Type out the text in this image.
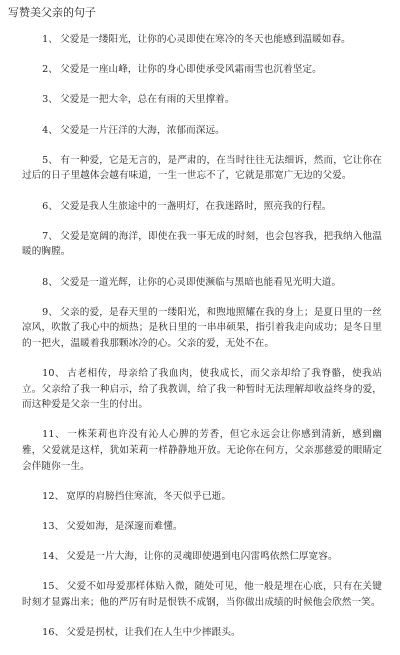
写赞美父亲的句子

1、 父爱是一缕阳光，让你的心灵即使在寒冷的冬天也能感到温暖如春。

2、 父爱是一座山峰，让你的身心即使承受风霜雨雪也沉着坚定。

3、 父爱是一把大伞，总在有雨的天里撑着。

4、 父爱是一片汪洋的大海，浓郁而深远。

5、 有一种爱，它是无言的，是严肃的，在当时往往无法细诉，然而，它让你在过后的日子里越体会越有味道，一生一世忘不了，它就是那宽广无边的父爱。

6、 父爱是我人生旅途中的一盏明灯，在我迷路时，照亮我的行程。

7、 父爱是宽阔的海洋，即使在我一事无成的时刻，也会包容我，把我纳入他温暖的胸膛。

8、 父爱是一道光辉，让你的心灵即使濒临与黑暗也能看见光明大道。

9、 父亲的爱，是春天里的一缕阳光，和煦地照耀在我的身上；是夏日里的一丝凉风，吹散了我心中的烦热；是秋日里的一串串硕果，指引着我走向成功；是冬日里的一把火，温暖着我那颗冰冷的心。父亲的爱，无处不在。

10、 古老相传，母亲给了我血肉，使我成长，而父亲却给了我脊骼，使我站立。父亲给了我一种启示，给了我教训，给了我一种暂时无法理解却收益终身的爱，而这种爱是父亲一生的付出。

11、 一株茉莉也许没有沁人心脾的芳香，但它永远会让你感到清新，感到幽雅，父爱就是这样，犹如茉莉一样静静地开放。无论你在何方，父亲那慈爱的眼睛定会伴随你一生。

12、 宽厚的肩膀挡住寒流，冬天似乎已逝。

13、 父爱如海，是深邃而难懂。

14、 父爱是一片大海，让你的灵魂即使遇到电闪雷鸣依然仁厚宽容。

15、 父爱不如母爱那样体贴入微，随处可见，他一般是埋在心底，只有在关键时刻才显露出来；他的严厉有时是恨铁不成钢，当你做出成绩的时候他会欣然一笑。

16、 父爱是拐杖，让我们在人生中少摔跟头。
